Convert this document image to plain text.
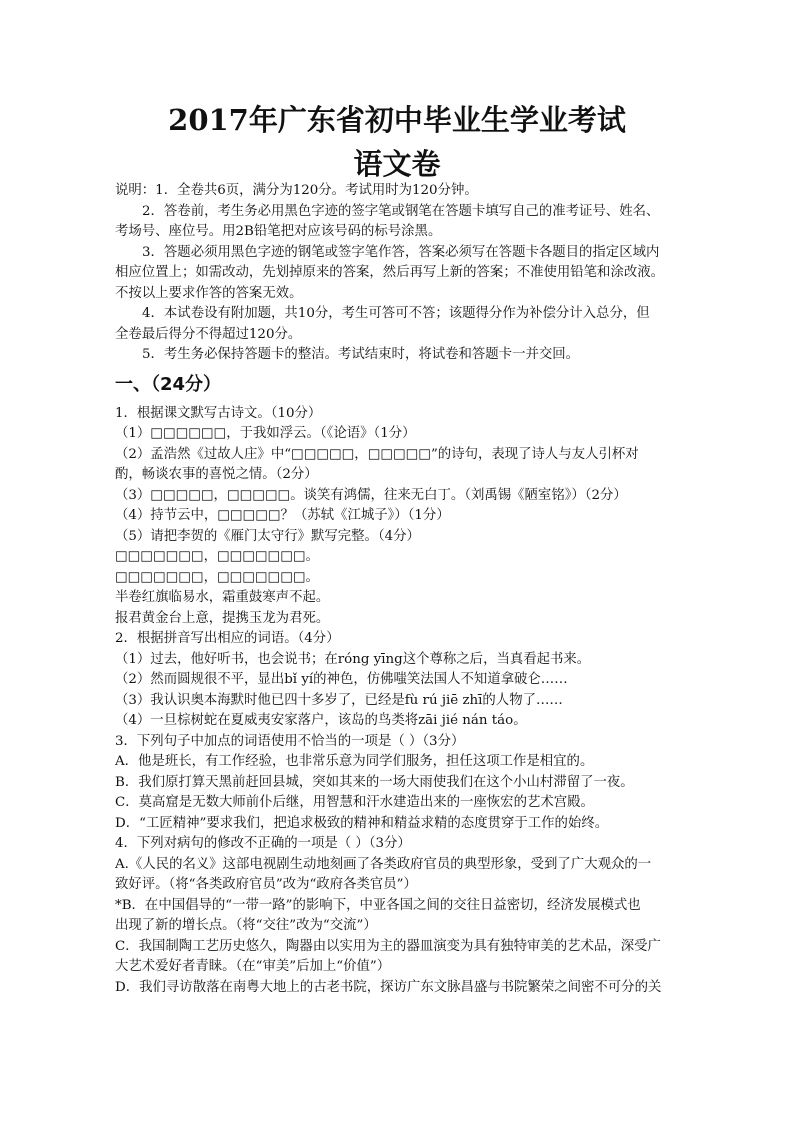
2017年广东省初中毕业生学业考试
语文卷
说明：1．全卷共6页，满分为120分。考试用时为120分钟。
2．答卷前，考生务必用黑色字迹的签字笔或钢笔在答题卡填写自己的准考证号、姓名、
考场号、座位号。用2B铅笔把对应该号码的标号涂黑。
3．答题必须用黑色字迹的钢笔或签字笔作答，答案必须写在答题卡各题目的指定区域内
相应位置上；如需改动，先划掉原来的答案，然后再写上新的答案；不准使用铅笔和涂改液。
不按以上要求作答的答案无效。
4．本试卷设有附加题，共10分，考生可答可不答；该题得分作为补偿分计入总分，但
全卷最后得分不得超过120分。
5．考生务必保持答题卡的整洁。考试结束时，将试卷和答题卡一并交回。
一、（24分）
1．根据课文默写古诗文。（10分）
（1）□□□□□□，于我如浮云。（《论语》（1分）
（2）孟浩然《过故人庄》中“□□□□□，□□□□□”的诗句，表现了诗人与友人引杯对
酌，畅谈农事的喜悦之情。（2分）
（3）□□□□□，□□□□□。谈笑有鸿儒，往来无白丁。（刘禹锡《陋室铭》）（2分）
（4）持节云中，□□□□□？（苏轼《江城子》）（1分）
（5）请把李贺的《雁门太守行》默写完整。（4分）
□□□□□□□，□□□□□□□。
□□□□□□□，□□□□□□□。
半卷红旗临易水，霜重鼓寒声不起。
报君黄金台上意，提携玉龙为君死。
2．根据拼音写出相应的词语。（4分）
（1）过去，他好听书，也会说书；在róng yīng这个尊称之后，当真看起书来。
（2）然而圆规很不平，显出bǐ yí的神色，仿佛嗤笑法国人不知道拿破仑……
（3）我认识奥本海默时他已四十多岁了，已经是fù rú jiē zhī的人物了……
（4）一旦棕树蛇在夏威夷安家落户，该岛的鸟类将zāi jié nán táo。
3．下列句子中加点的词语使用不恰当的一项是（ ）（3分）
A．他是班长，有工作经验，也非常乐意为同学们服务，担任这项工作是相宜的。
B．我们原打算天黑前赶回县城，突如其来的一场大雨使我们在这个小山村滞留了一夜。
C．莫高窟是无数大师前仆后继，用智慧和汗水建造出来的一座恢宏的艺术宫殿。
D．“工匠精神”要求我们，把追求极致的精神和精益求精的态度贯穿于工作的始终。
4．下列对病句的修改不正确的一项是（ ）（3分）
A.《人民的名义》这部电视剧生动地刻画了各类政府官员的典型形象，受到了广大观众的一
致好评。（将“各类政府官员”改为“政府各类官员”）
*B．在中国倡导的“一带一路”的影响下，中亚各国之间的交往日益密切，经济发展模式也
出现了新的增长点。（将“交往”改为“交流”）
C．我国制陶工艺历史悠久，陶器由以实用为主的器皿演变为具有独特审美的艺术品，深受广
大艺术爱好者青睐。（在“审美”后加上“价值”）
D．我们寻访散落在南粤大地上的古老书院，探访广东文脉昌盛与书院繁荣之间密不可分的关
